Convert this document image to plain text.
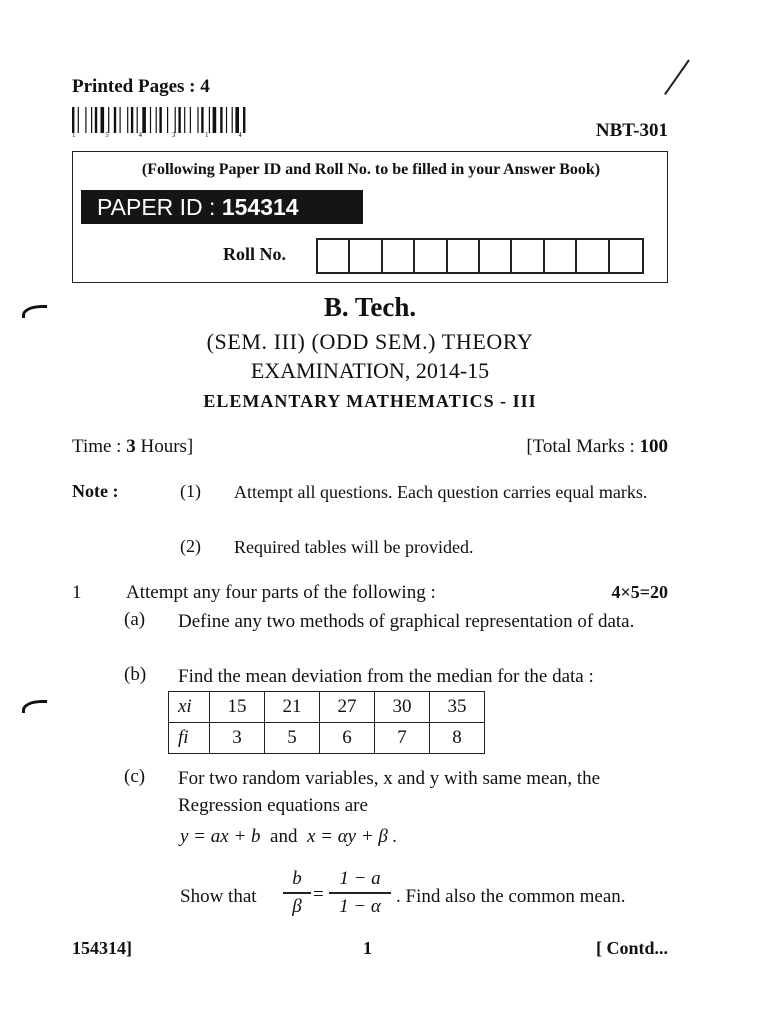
Printed Pages : 4
1 5 4 3 1 4	NBT-301
(Following Paper ID and Roll No. to be filled in your Answer Book)
PAPER ID : 154314
Roll No.
B. Tech.
(SEM. III) (ODD SEM.) THEORY
EXAMINATION, 2014-15
ELEMANTARY MATHEMATICS - III
Time : 3 Hours]	[Total Marks : 100
Note :	(1) Attempt all questions. Each question carries equal marks.
(2) Required tables will be provided.
1 Attempt any four parts of the following :	4×5=20
(a) Define any two methods of graphical representation of data.
(b) Find the mean deviation from the median for the data :
xi	15	21	27	30	35
fi	3	5	6	7	8
(c) For two random variables, x and y with same mean, the Regression equations are
y = ax + b and x = αy + β .
Show that
b
β
=
1 − a
1 − α . Find also the common mean.
154314]	1	[ Contd...
